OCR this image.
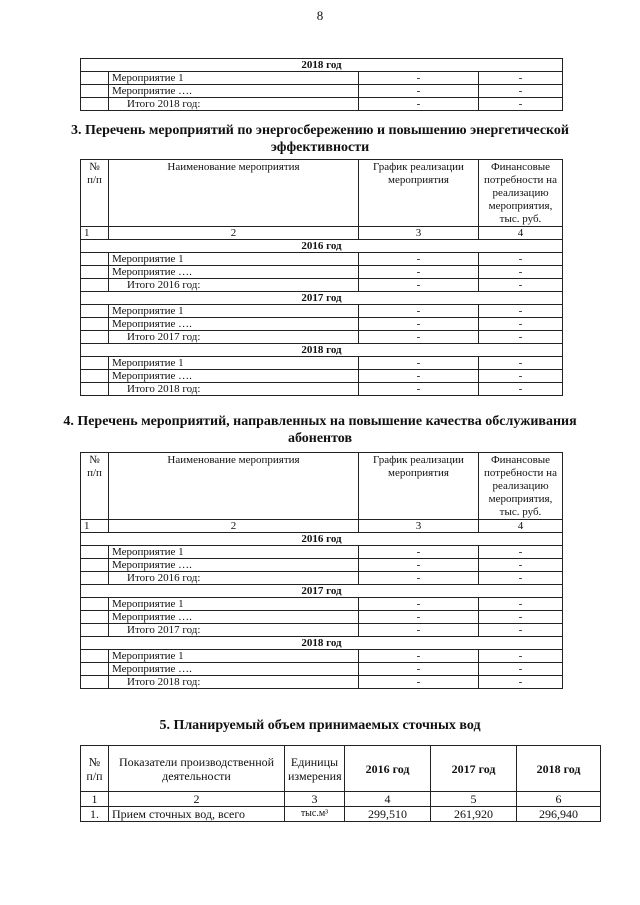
8
2018 год			
	Мероприятие 1	-	-
	Мероприятие ….	-	-
	Итого 2018 год:	-	-
3. Перечень мероприятий по энергосбережению и повышению энергетической эффективности
№ п/п	Наименование мероприятия	График реализации мероприятия	Финансовые потребности на реализацию мероприятия, тыс. руб.
1	2	3	4
2016 год			
	Мероприятие 1	-	-
	Мероприятие ….	-	-
	Итого 2016 год:	-	-
2017 год			
	Мероприятие 1	-	-
	Мероприятие ….	-	-
	Итого 2017 год:	-	-
2018 год			
	Мероприятие 1	-	-
	Мероприятие ….	-	-
	Итого 2018 год:	-	-
4. Перечень мероприятий, направленных на повышение качества обслуживания абонентов
№ п/п	Наименование мероприятия	График реализации мероприятия	Финансовые потребности на реализацию мероприятия, тыс. руб.
1	2	3	4
2016 год			
	Мероприятие 1	-	-
	Мероприятие ….	-	-
	Итого 2016 год:	-	-
2017 год			
	Мероприятие 1	-	-
	Мероприятие ….	-	-
	Итого 2017 год:	-	-
2018 год			
	Мероприятие 1	-	-
	Мероприятие ….	-	-
	Итого 2018 год:	-	-
5. Планируемый объем принимаемых сточных вод
№ п/п	Показатели производственной деятельности	Единицы измерения	2016 год	2017 год	2018 год
1	2	3	4	5	6
1.	Прием сточных вод, всего	тыс.м³	299,510	261,920	296,940
